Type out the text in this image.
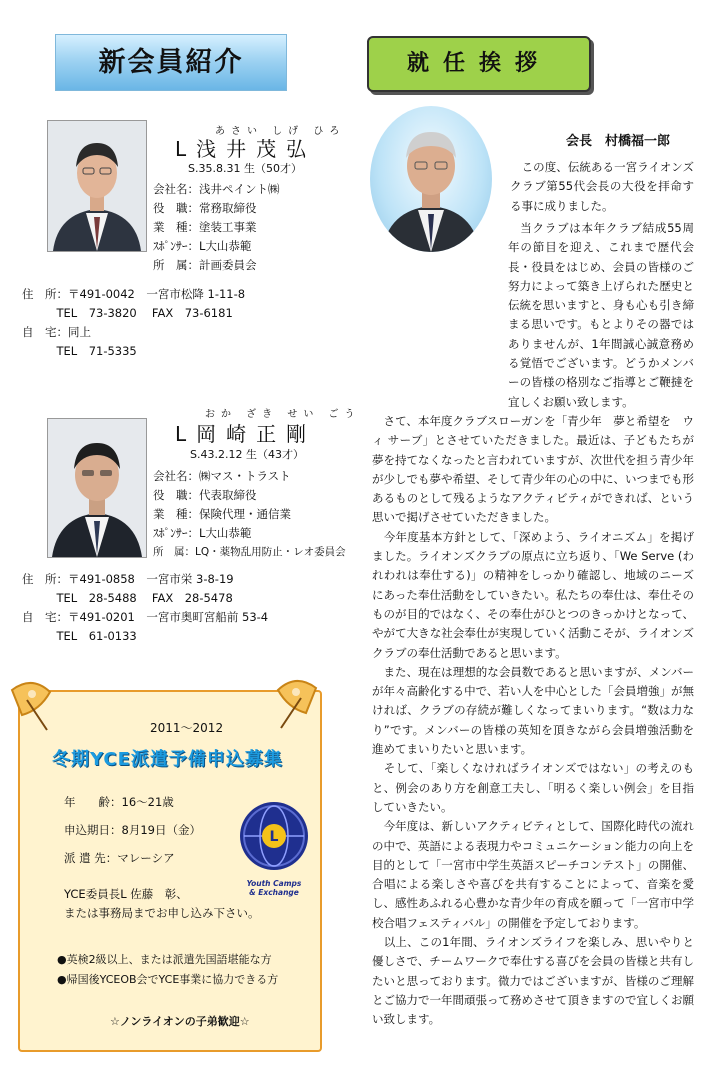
新会員紹介	就任挨拶
あさい しげ ひろ
L浅井茂弘
S.35.8.31 生（50才）
会社名：浅井ペイント㈱
役　職：常務取締役
業　種：塗装工事業
ｽﾎﾟﾝｻｰ：L大山恭範
所　属：計画委員会
住　所：〒491-0042　一宮市松降 1-11-8
　　　TEL　73-3820　 FAX　73-6181
自　宅：同上
　　　TEL　71-5335
おか ざき せい ごう
L岡崎正剛
S.43.2.12 生（43才）
会社名：㈱マス・トラスト
役　職：代表取締役
業　種：保険代理・通信業
ｽﾎﾟﾝｻｰ：L大山恭範
所　属：LQ・薬物乱用防止・レオ委員会
住　所：〒491-0858　一宮市栄 3-8-19
　　　TEL　28-5488　 FAX　28-5478
自　宅：〒491-0201　一宮市奥町宮船前 53-4
　　　TEL　61-0133
2011～2012
冬期YCE派遣予備申込募集
年　　齢：16～21歳
申込期日：8月19日（金）
派 遣 先：マレーシア
L
Youth Camps
& Exchange
YCE委員長L 佐藤　彰、
または事務局までお申し込み下さい。
●英検2級以上、または派遣先国語堪能な方
●帰国後YCEOB会でYCE事業に協力できる方
☆ノンライオンの子弟歓迎☆
会長　村橋福一郎

　この度、伝統ある一宮ライオンズクラブ第55代会長の大役を拝命する事に成りました。

　当クラブは本年クラブ結成55周年の節目を迎え、これまで歴代会長・役員をはじめ、会員の皆様のご努力によって築き上げられた歴史と伝統を思いますと、身も心も引き締まる思いです。もとよりその器ではありませんが、1年間誠心誠意務める覚悟でございます。どうかメンバーの皆様の格別なご指導とご鞭撻を宜しくお願い致します。

　さて、本年度クラブスローガンを「青少年　夢と希望を　ウィ サーブ」とさせていただきました。最近は、子どもたちが夢を持てなくなったと言われていますが、次世代を担う青少年が少しでも夢や希望、そして青少年の心の中に、いつまでも形あるものとして残るようなアクティビティができれば、という思いで掲げさせていただきました。

　今年度基本方針として、「深めよう、ライオニズム」を掲げました。ライオンズクラブの原点に立ち返り、「We Serve (われわれは奉仕する)」の精神をしっかり確認し、地域のニーズにあった奉仕活動をしていきたい。私たちの奉仕は、奉仕そのものが目的ではなく、その奉仕がひとつのきっかけとなって、やがて大きな社会奉仕が実現していく活動こそが、ライオンズクラブの奉仕活動であると思います。

　また、現在は理想的な会員数であると思いますが、メンバーが年々高齢化する中で、若い人を中心とした「会員増強」が無ければ、クラブの存続が難しくなってまいります。“数は力なり”です。メンバーの皆様の英知を頂きながら会員増強活動を進めてまいりたいと思います。

　そして、「楽しくなければライオンズではない」の考えのもと、例会のあり方を創意工夫し、「明るく楽しい例会」を目指していきたい。

　今年度は、新しいアクティビティとして、国際化時代の流れの中で、英語による表現力やコミュニケーション能力の向上を目的として「一宮市中学生英語スピーチコンテスト」の開催、合唱による楽しさや喜びを共有することによって、音楽を愛し、感性あふれる心豊かな青少年の育成を願って「一宮市中学校合唱フェスティバル」の開催を予定しております。

　以上、この1年間、ライオンズライフを楽しみ、思いやりと優しさで、チームワークで奉仕する喜びを会員の皆様と共有したいと思っております。微力ではございますが、皆様のご理解とご協力で一年間頑張って務めさせて頂きますので宜しくお願い致します。
